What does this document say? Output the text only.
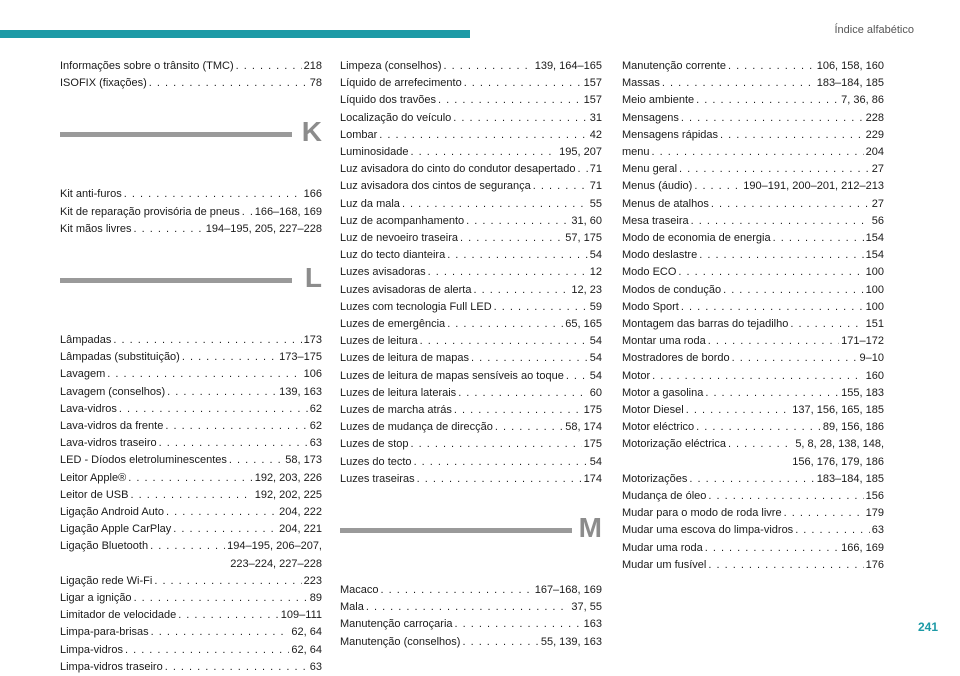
Índice alfabético
Informações sobre o trânsito (TMC) . . .	218
ISOFIX (fixações) . . .	78
K
Kit anti-furos . . .	166
Kit de reparação provisória de pneus . . . 166–168, 169
Kit mãos livres . . .	194–195, 205, 227–228
L
Lâmpadas . . .	173
Lâmpadas (substituição) . . .	173–175
Lavagem . . .	106
Lavagem (conselhos) . . .	139, 163
Lava-vidros . . .	62
Lava-vidros da frente . . .	62
Lava-vidros traseiro . . .	63
LED - Díodos eletroluminescentes . . .	58, 173
Leitor Apple® . . .	192, 203, 226
Leitor de USB . . .	192, 202, 225
Ligação Android Auto . . .	204, 222
Ligação Apple CarPlay . . .	204, 221
Ligação Bluetooth . . .	194–195, 206–207,
223–224, 227–228
Ligação rede Wi-Fi . . .	223
Ligar a ignição . . .	89
Limitador de velocidade . . .	109–111
Limpa-para-brisas . . .	62, 64
Limpa-vidros . . .	62, 64
Limpa-vidros traseiro . . .	63
Limpeza (conselhos) . . .	139, 164–165
Líquido de arrefecimento . . .	157
Líquido dos travões . . .	157
Localização do veículo . . .	31
Lombar . . .	42
Luminosidade . . .	195, 207
Luz avisadora do cinto do condutor desapertado . . . 71
Luz avisadora dos cintos de segurança . . .	71
Luz da mala . . .	55
Luz de acompanhamento . . .	31, 60
Luz de nevoeiro traseira . . .	57, 175
Luz do tecto dianteira . . .	54
Luzes avisadoras . . .	12
Luzes avisadoras de alerta . . .	12, 23
Luzes com tecnologia Full LED . . .	59
Luzes de emergência . . .	65, 165
Luzes de leitura . . .	54
Luzes de leitura de mapas . . .	54
Luzes de leitura de mapas sensíveis ao toque . . . 54
Luzes de leitura laterais . . .	60
Luzes de marcha atrás . . .	175
Luzes de mudança de direcção . . .	58, 174
Luzes de stop . . .	175
Luzes do tecto . . .	54
Luzes traseiras . . .	174
M
Macaco . . .	167–168, 169
Mala . . .	37, 55
Manutenção carroçaria . . .	163
Manutenção (conselhos) . . .	55, 139, 163
Manutenção corrente . . .	106, 158, 160
Massas . . .	183–184, 185
Meio ambiente . . .	7, 36, 86
Mensagens . . .	228
Mensagens rápidas . . .	229
menu . . .	204
Menu geral . . .	27
Menus (áudio) . . .	190–191, 200–201, 212–213
Menus de atalhos . . .	27
Mesa traseira . . .	56
Modo de economia de energia . . .	154
Modo deslastre . . .	154
Modo ECO . . .	100
Modos de condução . . .	100
Modo Sport . . .	100
Montagem das barras do tejadilho . . .	151
Montar uma roda . . .	171–172
Mostradores de bordo . . .	9–10
Motor . . .	160
Motor a gasolina . . .	155, 183
Motor Diesel . . .	137, 156, 165, 185
Motor eléctrico . . .	89, 156, 186
Motorização eléctrica . . .	5, 8, 28, 138, 148,
156, 176, 179, 186
Motorizações . . .	183–184, 185
Mudança de óleo . . .	156
Mudar para o modo de roda livre . . .	179
Mudar uma escova do limpa-vidros . . .	63
Mudar uma roda . . .	166, 169
Mudar um fusível . . .	176
241
